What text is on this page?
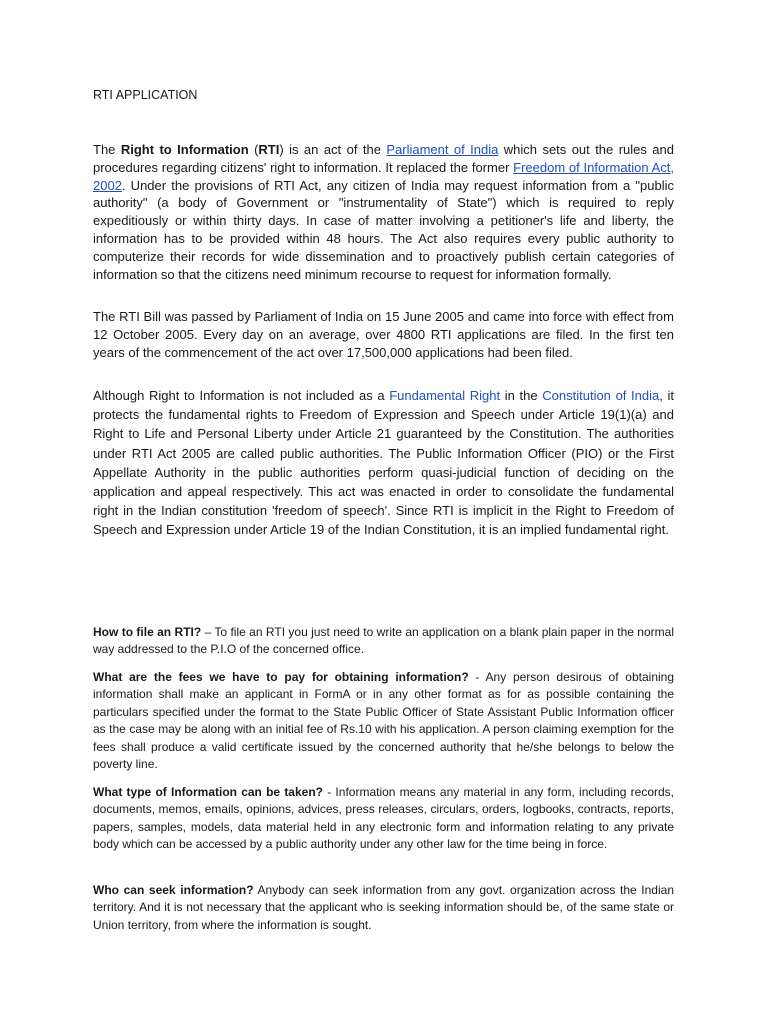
RTI APPLICATION

The Right to Information (RTI) is an act of the Parliament of India which sets out the rules and procedures regarding citizens' right to information. It replaced the former Freedom of Information Act, 2002. Under the provisions of RTI Act, any citizen of India may request information from a "public authority" (a body of Government or "instrumentality of State") which is required to reply expeditiously or within thirty days. In case of matter involving a petitioner's life and liberty, the information has to be provided within 48 hours. The Act also requires every public authority to computerize their records for wide dissemination and to proactively publish certain categories of information so that the citizens need minimum recourse to request for information formally.

The RTI Bill was passed by Parliament of India on 15 June 2005 and came into force with effect from 12 October 2005. Every day on an average, over 4800 RTI applications are filed. In the first ten years of the commencement of the act over 17,500,000 applications had been filed.

Although Right to Information is not included as a Fundamental Right in the Constitution of India, it protects the fundamental rights to Freedom of Expression and Speech under Article 19(1)(a) and Right to Life and Personal Liberty under Article 21 guaranteed by the Constitution. The authorities under RTI Act 2005 are called public authorities. The Public Information Officer (PIO) or the First Appellate Authority in the public authorities perform quasi-judicial function of deciding on the application and appeal respectively. This act was enacted in order to consolidate the fundamental right in the Indian constitution 'freedom of speech'. Since RTI is implicit in the Right to Freedom of Speech and Expression under Article 19 of the Indian Constitution, it is an implied fundamental right.

How to file an RTI? – To file an RTI you just need to write an application on a blank plain paper in the normal way addressed to the P.I.O of the concerned office.

What are the fees we have to pay for obtaining information? - Any person desirous of obtaining information shall make an applicant in FormA or in any other format as for as possible containing the particulars specified under the format to the State Public Officer of State Assistant Public Information officer as the case may be along with an initial fee of Rs.10 with his application. A person claiming exemption for the fees shall produce a valid certificate issued by the concerned authority that he/she belongs to below the poverty line.

What type of Information can be taken? - Information means any material in any form, including records, documents, memos, emails, opinions, advices, press releases, circulars, orders, logbooks, contracts, reports, papers, samples, models, data material held in any electronic form and information relating to any private body which can be accessed by a public authority under any other law for the time being in force.

Who can seek information? Anybody can seek information from any govt. organization across the Indian territory. And it is not necessary that the applicant who is seeking information should be, of the same state or Union territory, from where the information is sought.
